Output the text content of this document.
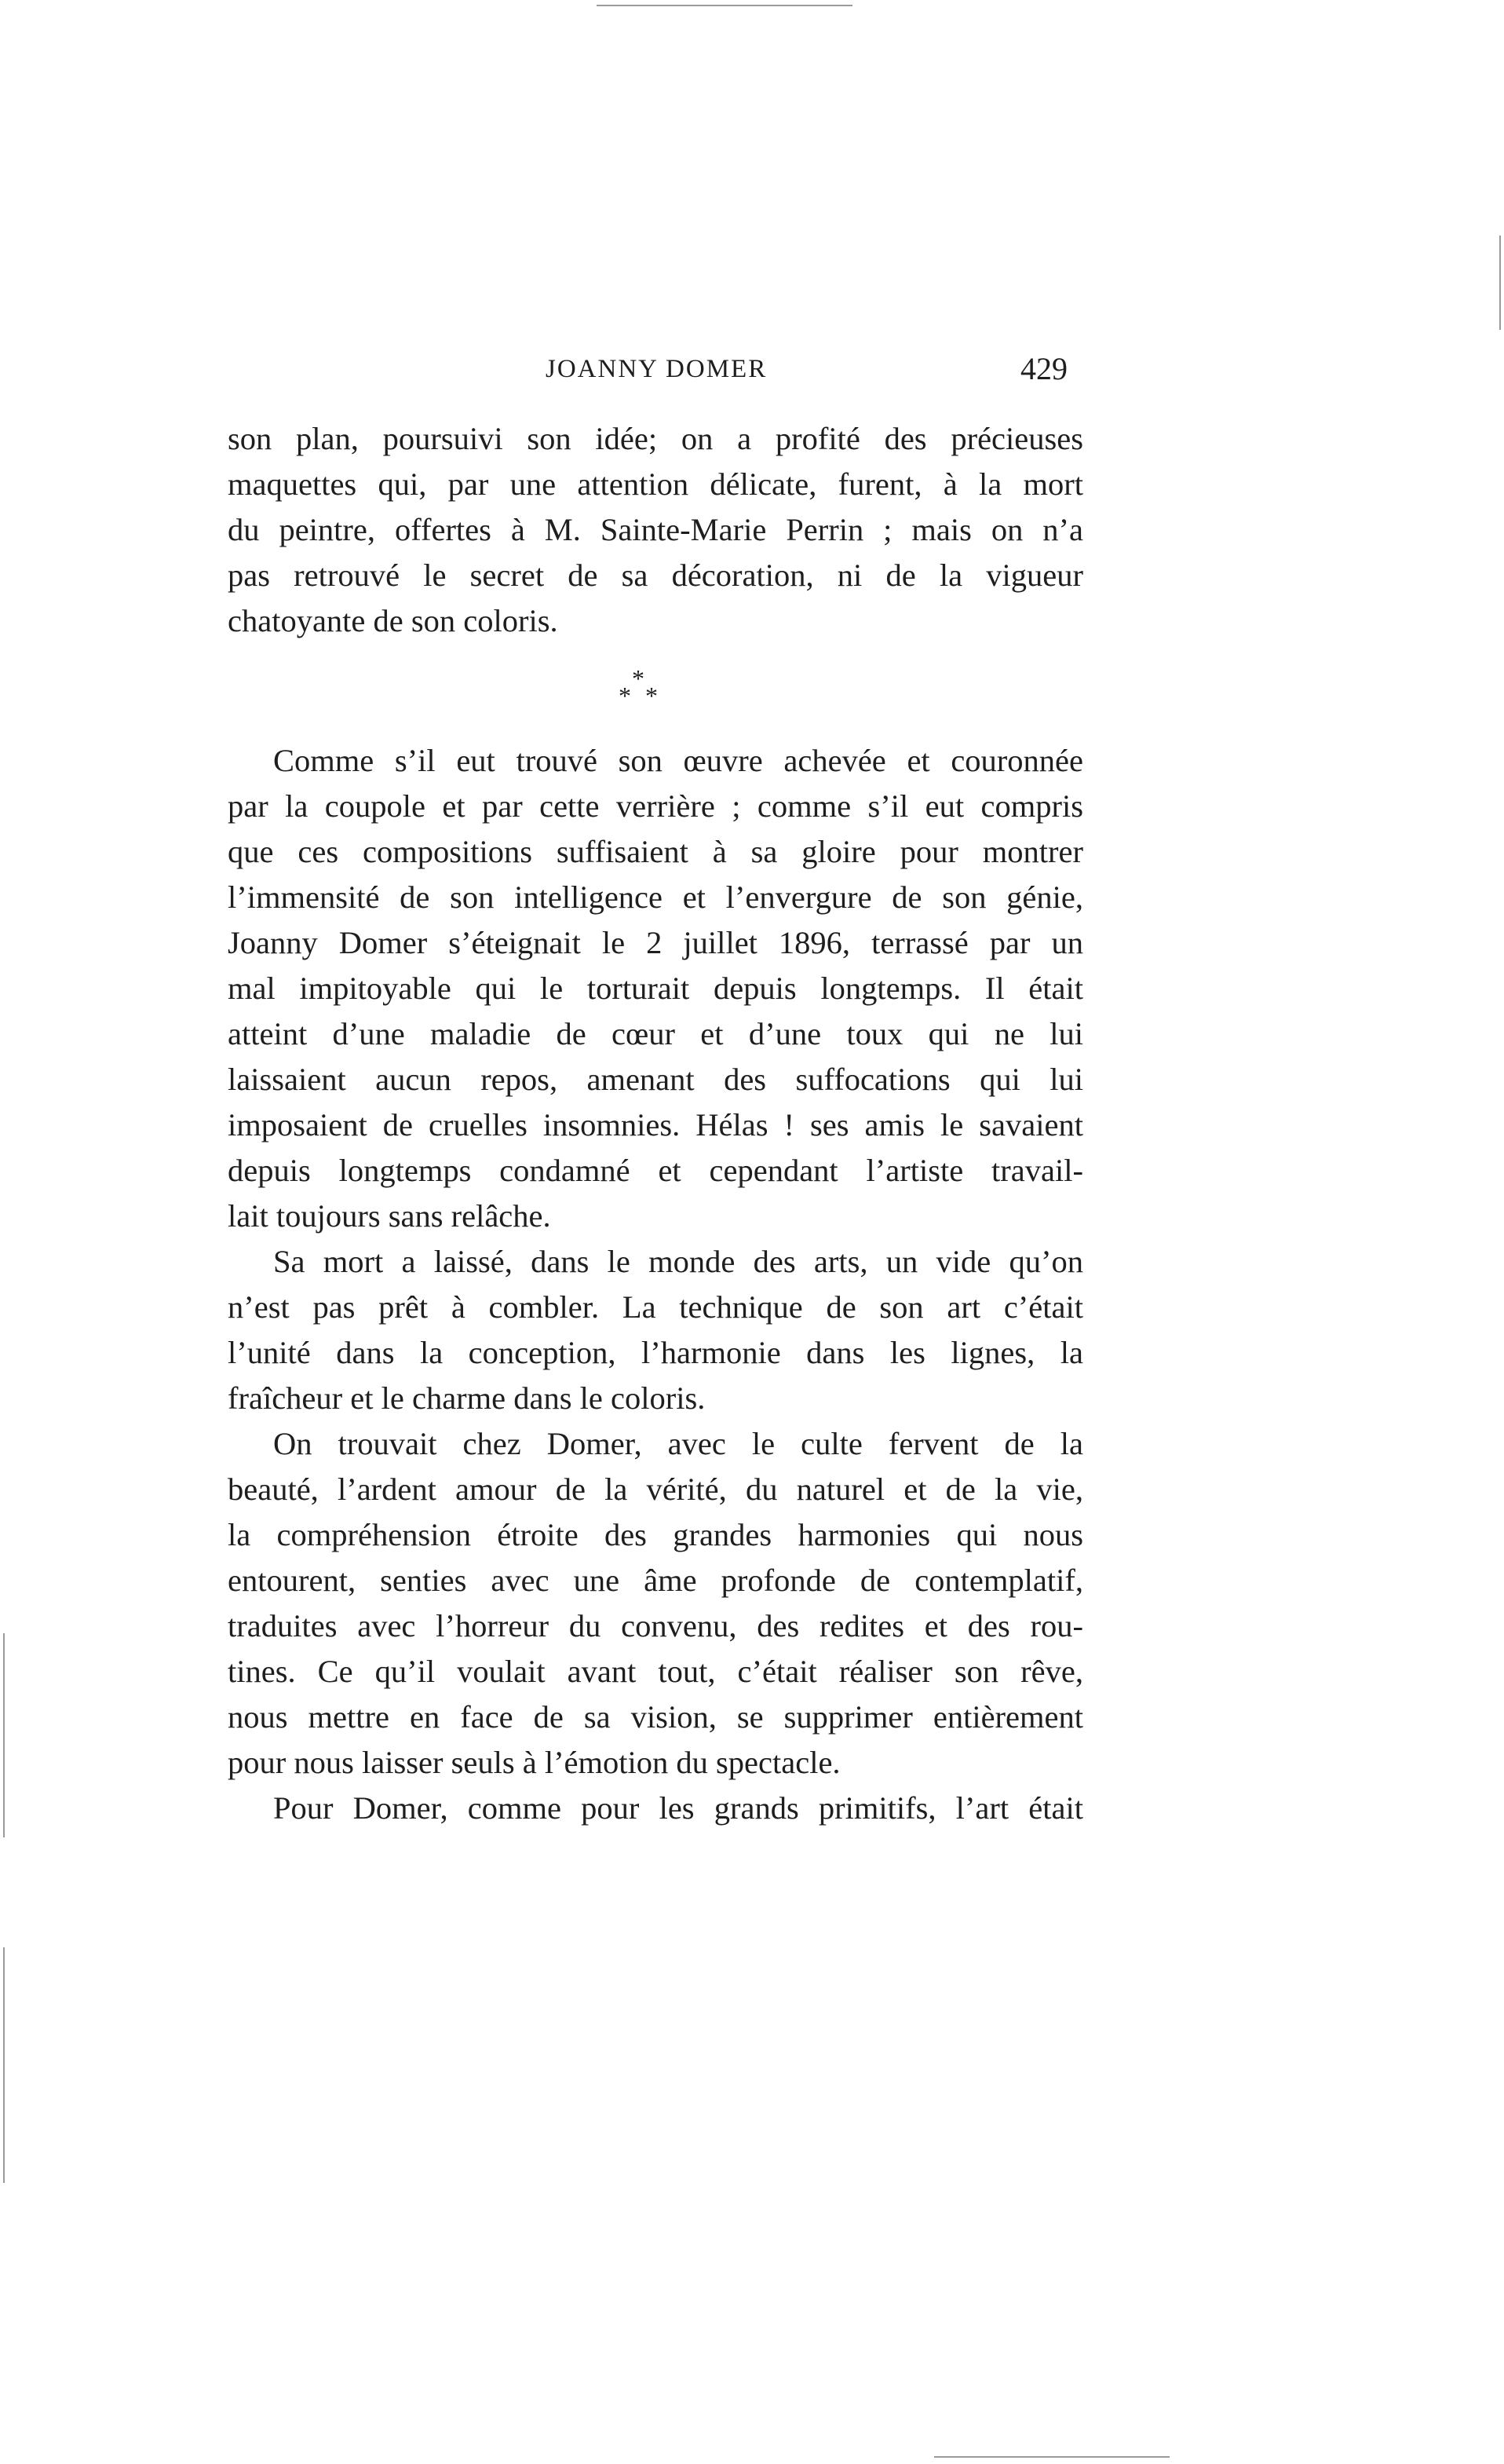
JOANNY DOMER	429
son plan, poursuivi son idée; on a profité des précieuses
maquettes qui, par une attention délicate, furent, à la mort
du peintre, offertes à M. Sainte-Marie Perrin ; mais on n’a
pas retrouvé le secret de sa décoration, ni de la vigueur
chatoyante de son coloris.
*
* *
Comme s’il eut trouvé son œuvre achevée et couronnée
par la coupole et par cette verrière ; comme s’il eut compris
que ces compositions suffisaient à sa gloire pour montrer
l’immensité de son intelligence et l’envergure de son génie,
Joanny Domer s’éteignait le 2 juillet 1896, terrassé par un
mal impitoyable qui le torturait depuis longtemps. Il était
atteint d’une maladie de cœur et d’une toux qui ne lui
laissaient aucun repos, amenant des suffocations qui lui
imposaient de cruelles insomnies. Hélas ! ses amis le savaient
depuis longtemps condamné et cependant l’artiste travail-
lait toujours sans relâche.
Sa mort a laissé, dans le monde des arts, un vide qu’on
n’est pas prêt à combler. La technique de son art c’était
l’unité dans la conception, l’harmonie dans les lignes, la
fraîcheur et le charme dans le coloris.
On trouvait chez Domer, avec le culte fervent de la
beauté, l’ardent amour de la vérité, du naturel et de la vie,
la compréhension étroite des grandes harmonies qui nous
entourent, senties avec une âme profonde de contemplatif,
traduites avec l’horreur du convenu, des redites et des rou-
tines. Ce qu’il voulait avant tout, c’était réaliser son rêve,
nous mettre en face de sa vision, se supprimer entièrement
pour nous laisser seuls à l’émotion du spectacle.
Pour Domer, comme pour les grands primitifs, l’art était
